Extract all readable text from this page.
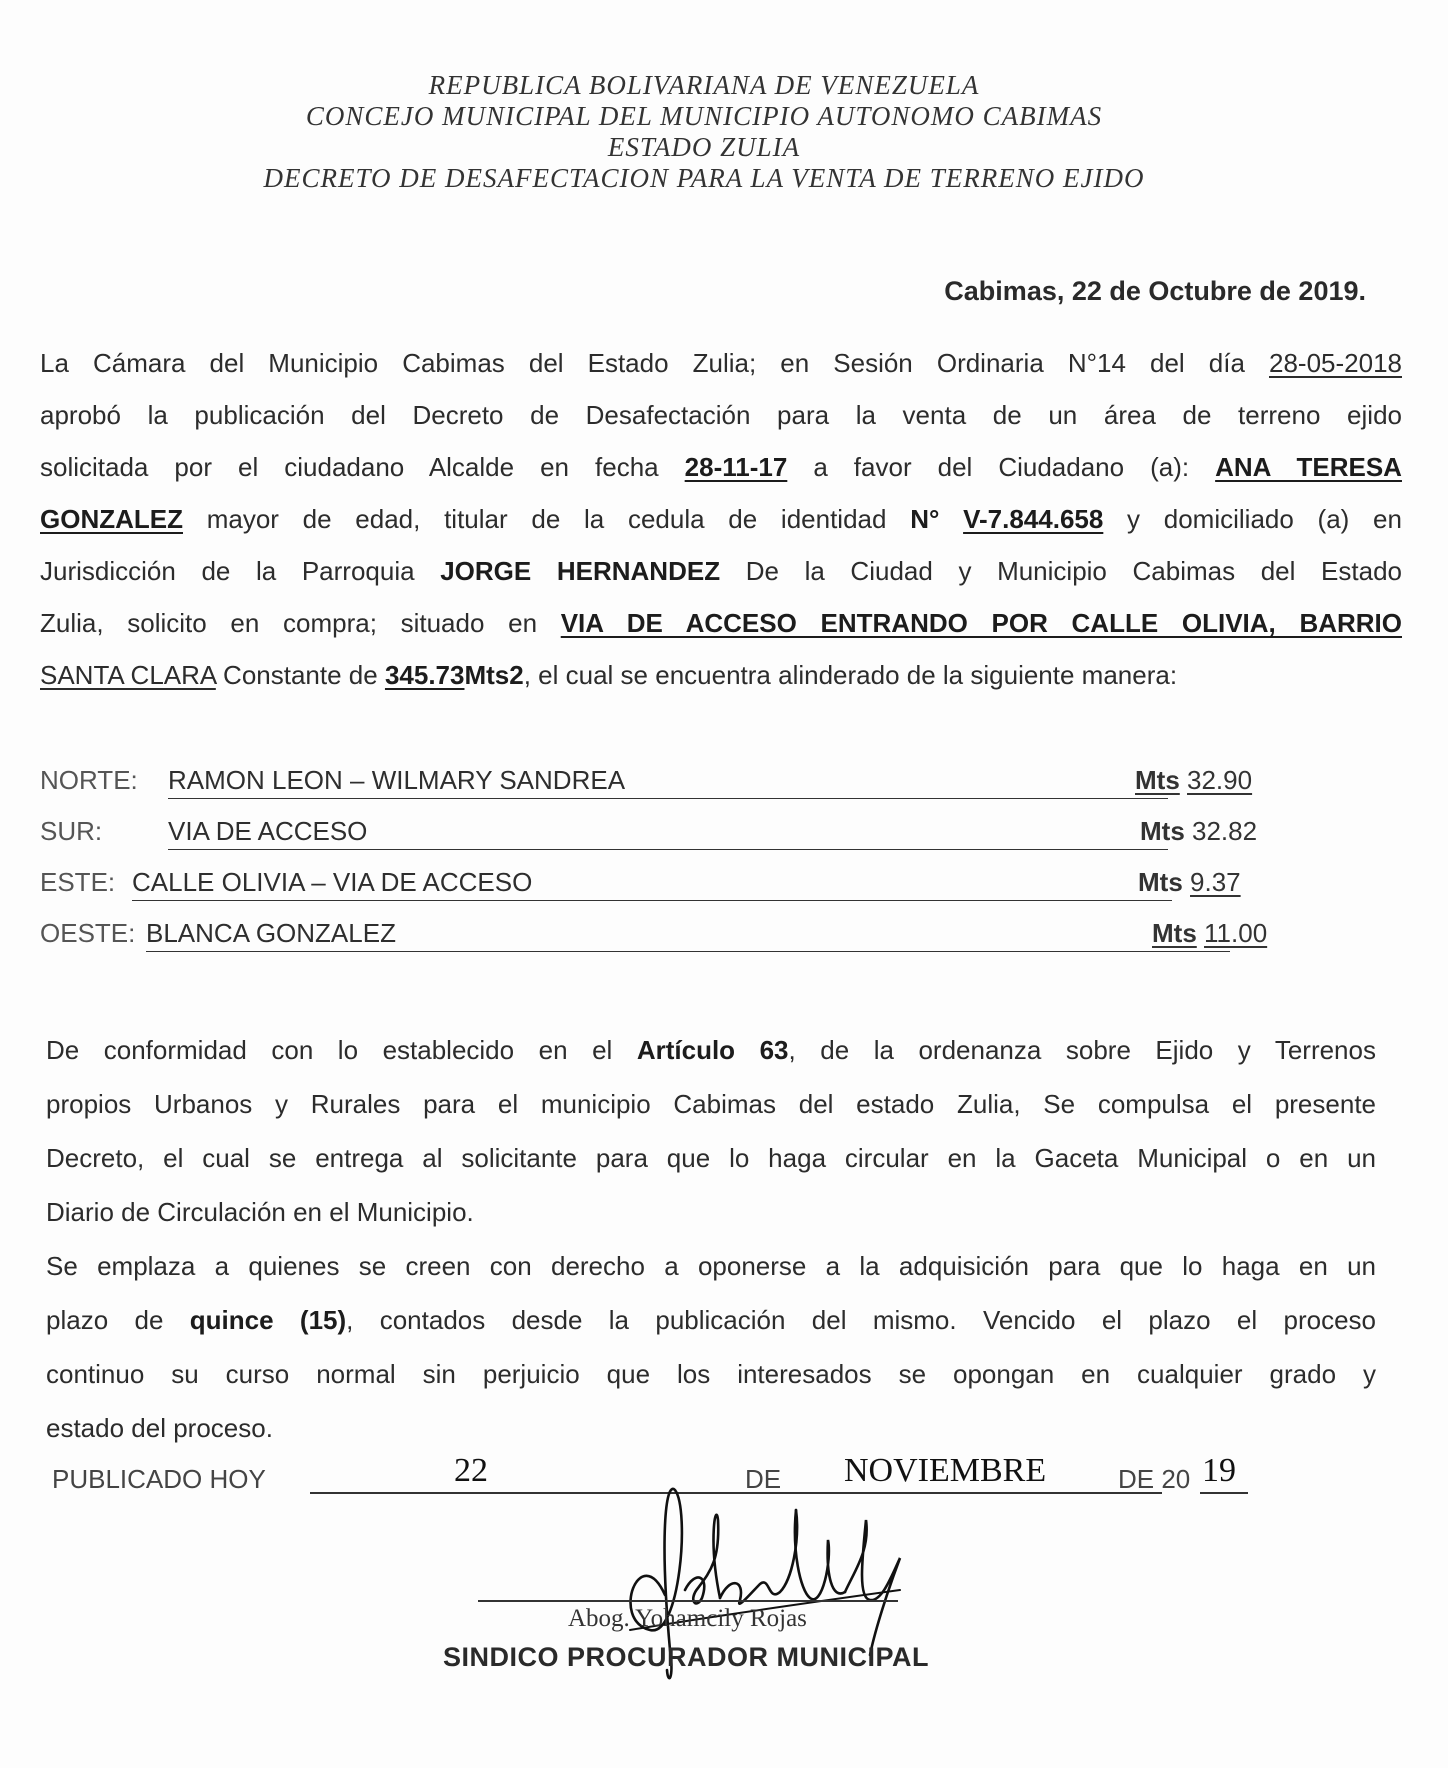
REPUBLICA BOLIVARIANA DE VENEZUELA
CONCEJO MUNICIPAL DEL MUNICIPIO AUTONOMO CABIMAS
ESTADO ZULIA
DECRETO DE DESAFECTACION PARA LA VENTA DE TERRENO EJIDO
Cabimas, 22 de Octubre de 2019.
La Cámara del Municipio Cabimas del Estado Zulia; en Sesión Ordinaria N°14 del día 28-05-2018
aprobó la publicación del Decreto de Desafectación para la venta de un área de terreno ejido
solicitada por el ciudadano Alcalde en fecha 28-11-17 a favor del Ciudadano (a): ANA TERESA
GONZALEZ mayor de edad, titular de la cedula de identidad N° V-7.844.658 y domiciliado (a) en
Jurisdicción de la Parroquia JORGE HERNANDEZ De la Ciudad y Municipio Cabimas del Estado
Zulia, solicito en compra; situado en VIA DE ACCESO ENTRANDO POR CALLE OLIVIA, BARRIO
SANTA CLARA Constante de 345.73Mts2, el cual se encuentra alinderado de la siguiente manera:
NORTE: RAMON LEON – WILMARY SANDREA	Mts 32.90
SUR:	VIA DE ACCESO	Mts 32.82
ESTE: CALLE OLIVIA – VIA DE ACCESO	Mts 9.37
OESTE: BLANCA GONZALEZ	Mts 11.00
De conformidad con lo establecido en el Artículo 63, de la ordenanza sobre Ejido y Terrenos
propios Urbanos y Rurales para el municipio Cabimas del estado Zulia, Se compulsa el presente
Decreto, el cual se entrega al solicitante para que lo haga circular en la Gaceta Municipal o en un
Diario de Circulación en el Municipio.
Se emplaza a quienes se creen con derecho a oponerse a la adquisición para que lo haga en un
plazo de quince (15), contados desde la publicación del mismo. Vencido el plazo el proceso
continuo su curso normal sin perjuicio que los interesados se opongan en cualquier grado y
estado del proceso.
PUBLICADO HOY	22	DE NOVIEMBRE	DE 20 19
Abog. Yohamcily Rojas
SINDICO PROCURADOR MUNICIPAL
